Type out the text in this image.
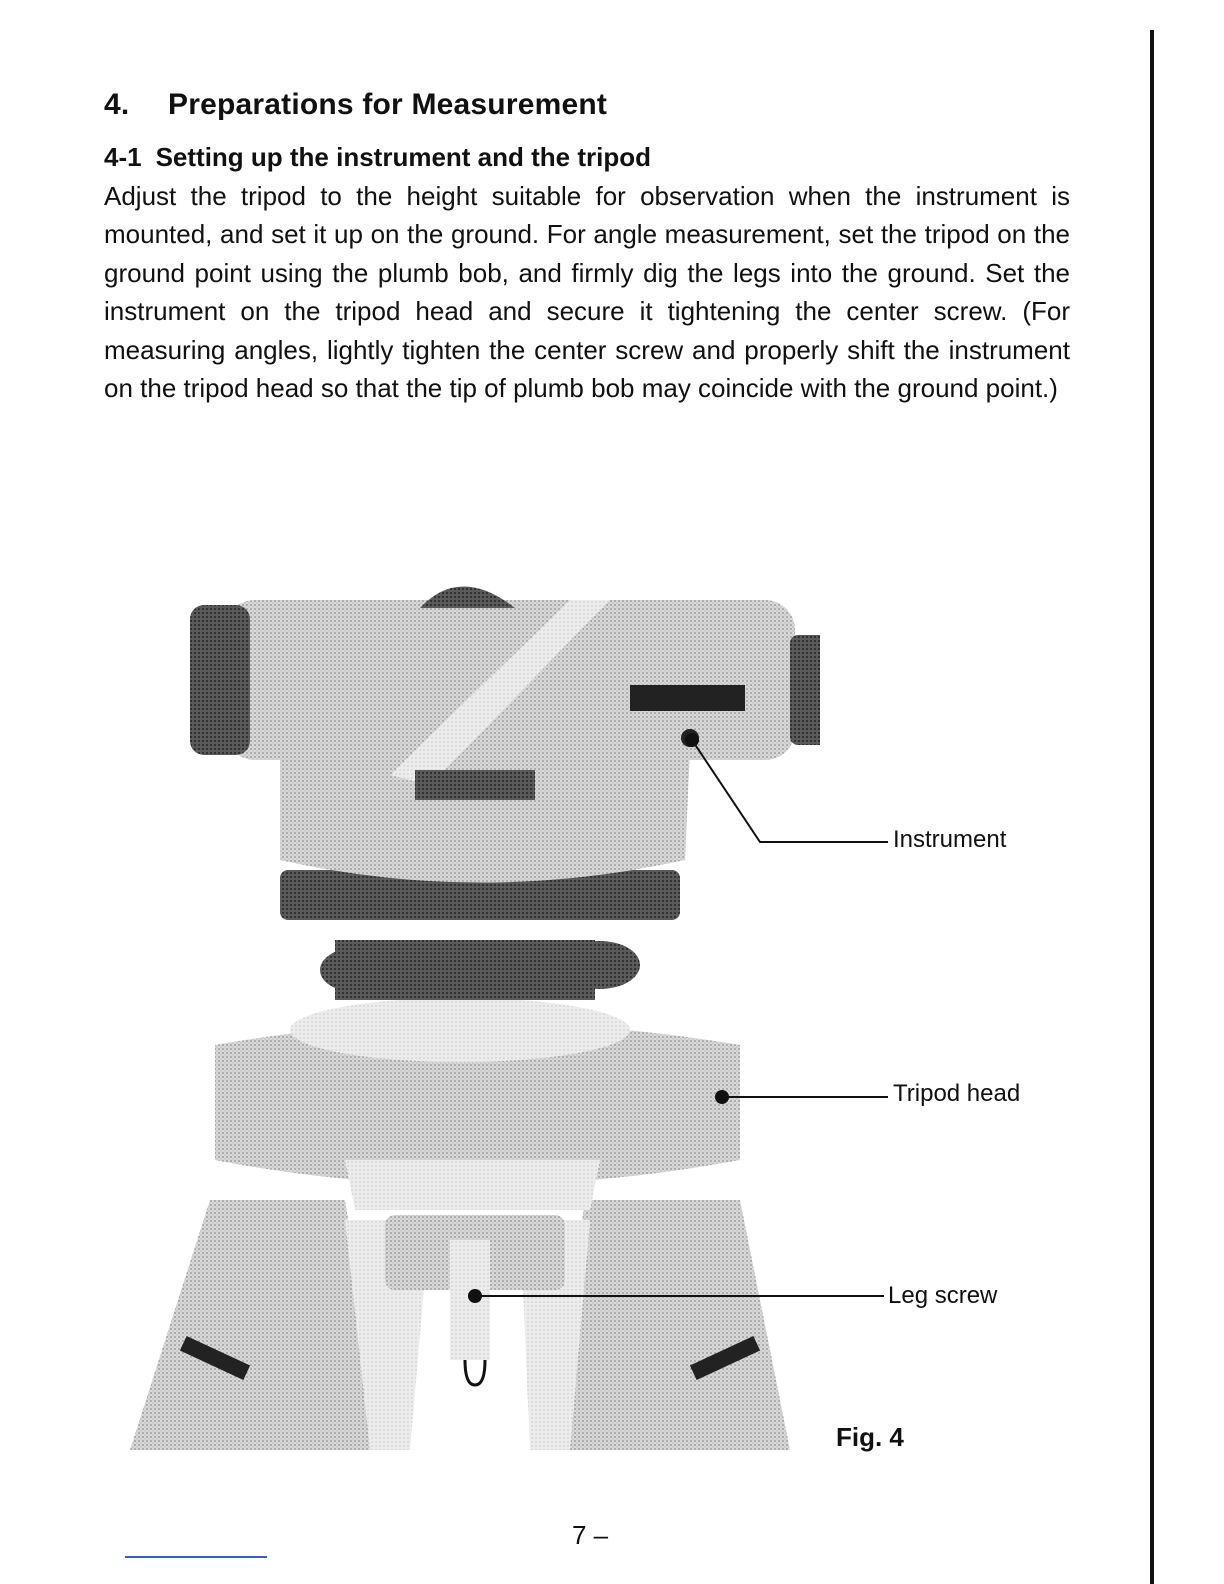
4. Preparations for Measurement
4-1 Setting up the instrument and the tripod
Adjust the tripod to the height suitable for observation when the instrument is mounted, and set it up on the ground. For angle measurement, set the tripod on the ground point using the plumb bob, and firmly dig the legs into the ground. Set the instrument on the tripod head and secure it tightening the center screw. (For measuring angles, lightly tighten the center screw and properly shift the instrument on the tripod head so that the tip of plumb bob may coincide with the ground point.)
Instrument
Tripod head
Leg screw
Fig. 4
7 –
